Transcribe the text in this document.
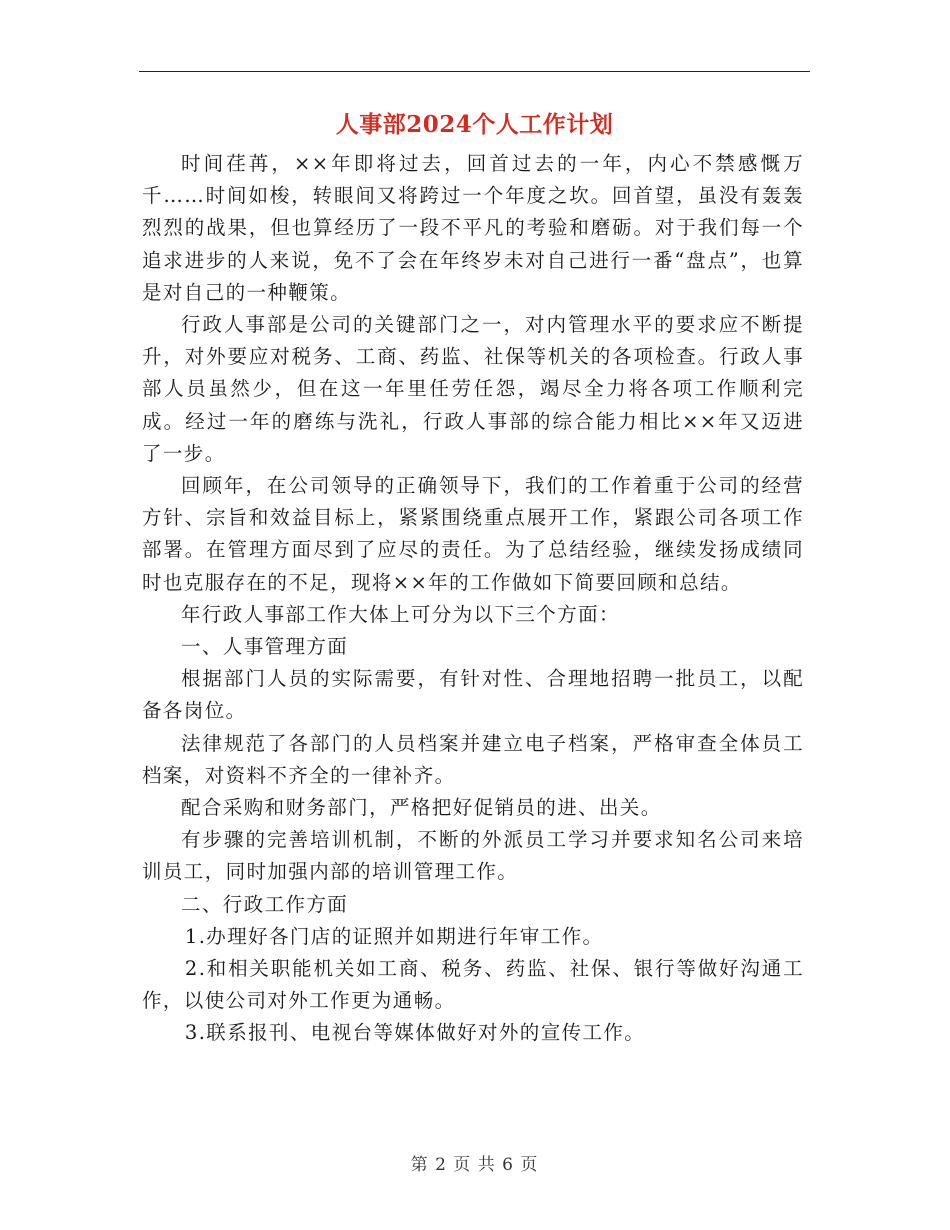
人事部2024个人工作计划

时间荏苒，××年即将过去，回首过去的一年，内心不禁感慨万千……时间如梭，转眼间又将跨过一个年度之坎。回首望，虽没有轰轰烈烈的战果，但也算经历了一段不平凡的考验和磨砺。对于我们每一个追求进步的人来说，免不了会在年终岁未对自己进行一番“盘点”，也算是对自己的一种鞭策。

行政人事部是公司的关键部门之一，对内管理水平的要求应不断提升，对外要应对税务、工商、药监、社保等机关的各项检查。行政人事部人员虽然少，但在这一年里任劳任怨，竭尽全力将各项工作顺利完成。经过一年的磨练与洗礼，行政人事部的综合能力相比××年又迈进了一步。

回顾年，在公司领导的正确领导下，我们的工作着重于公司的经营方针、宗旨和效益目标上，紧紧围绕重点展开工作，紧跟公司各项工作部署。在管理方面尽到了应尽的责任。为了总结经验，继续发扬成绩同时也克服存在的不足，现将××年的工作做如下简要回顾和总结。

年行政人事部工作大体上可分为以下三个方面：

一、人事管理方面

根据部门人员的实际需要，有针对性、合理地招聘一批员工，以配备各岗位。

法律规范了各部门的人员档案并建立电子档案，严格审查全体员工档案，对资料不齐全的一律补齐。

配合采购和财务部门，严格把好促销员的进、出关。

有步骤的完善培训机制，不断的外派员工学习并要求知名公司来培训员工，同时加强内部的培训管理工作。

二、行政工作方面

1.办理好各门店的证照并如期进行年审工作。

2.和相关职能机关如工商、税务、药监、社保、银行等做好沟通工作，以使公司对外工作更为通畅。

3.联系报刊、电视台等媒体做好对外的宣传工作。

第 2 页 共 6 页
